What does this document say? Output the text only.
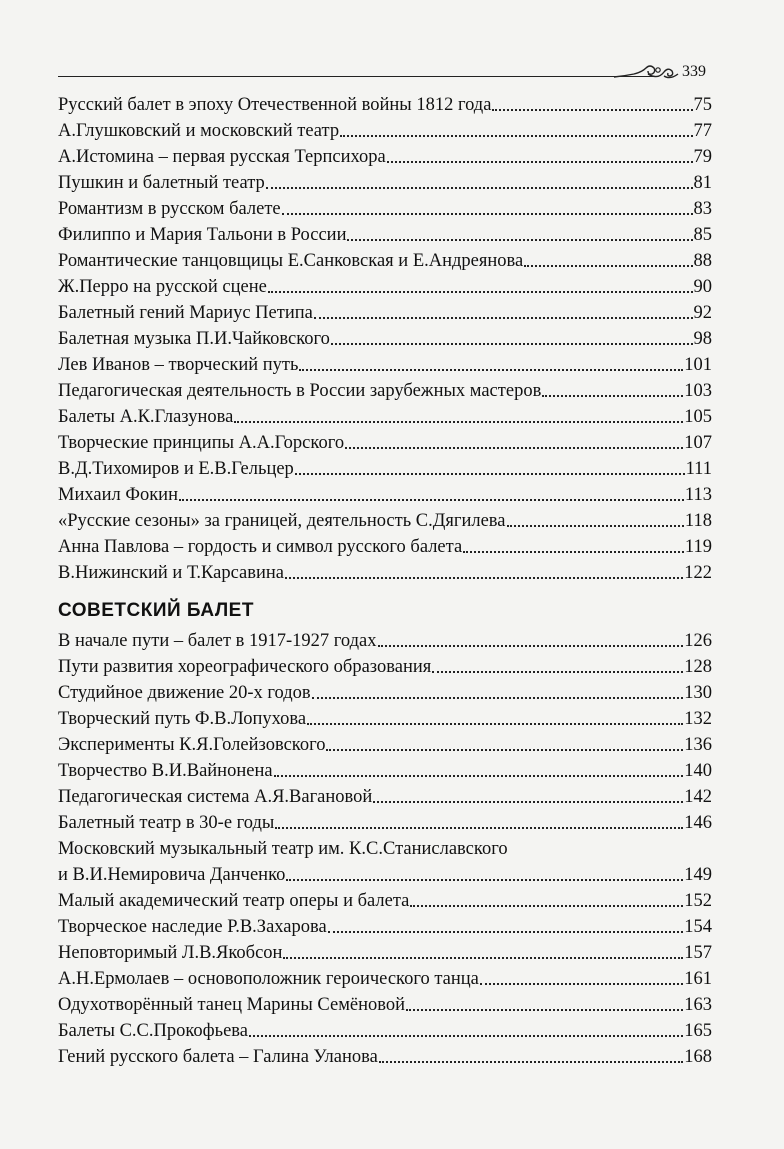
339
Русский балет в эпоху Отечественной войны 1812 года	75
А.Глушковский и московский театр	77
А.Истомина – первая русская Терпсихора	79
Пушкин и балетный театр	81
Романтизм в русском балете	83
Филиппо и Мария Тальони в России	85
Романтические танцовщицы Е.Санковская и Е.Андреянова	88
Ж.Перро на русской сцене	90
Балетный гений Мариус Петипа	92
Балетная музыка П.И.Чайковского	98
Лев Иванов – творческий путь	101
Педагогическая деятельность в России зарубежных мастеров	103
Балеты А.К.Глазунова	105
Творческие принципы А.А.Горского	107
В.Д.Тихомиров и Е.В.Гельцер	111
Михаил Фокин	113
«Русские сезоны» за границей, деятельность С.Дягилева	118
Анна Павлова – гордость и символ русского балета	119
В.Нижинский и Т.Карсавина	122
СОВЕТСКИЙ БАЛЕТ
В начале пути – балет в 1917-1927 годах	126
Пути развития хореографического образования	128
Студийное движение 20-х годов	130
Творческий путь Ф.В.Лопухова	132
Эксперименты К.Я.Голейзовского	136
Творчество В.И.Вайнонена	140
Педагогическая система А.Я.Вагановой	142
Балетный театр в 30-е годы	146
Московский музыкальный театр им. К.С.Станиславского
и В.И.Немировича Данченко	149
Малый академический театр оперы и балета	152
Творческое наследие Р.В.Захарова	154
Неповторимый Л.В.Якобсон	157
А.Н.Ермолаев – основоположник героического танца	161
Одухотворённый танец Марины Семёновой	163
Балеты С.С.Прокофьева	165
Гений русского балета – Галина Уланова	168
